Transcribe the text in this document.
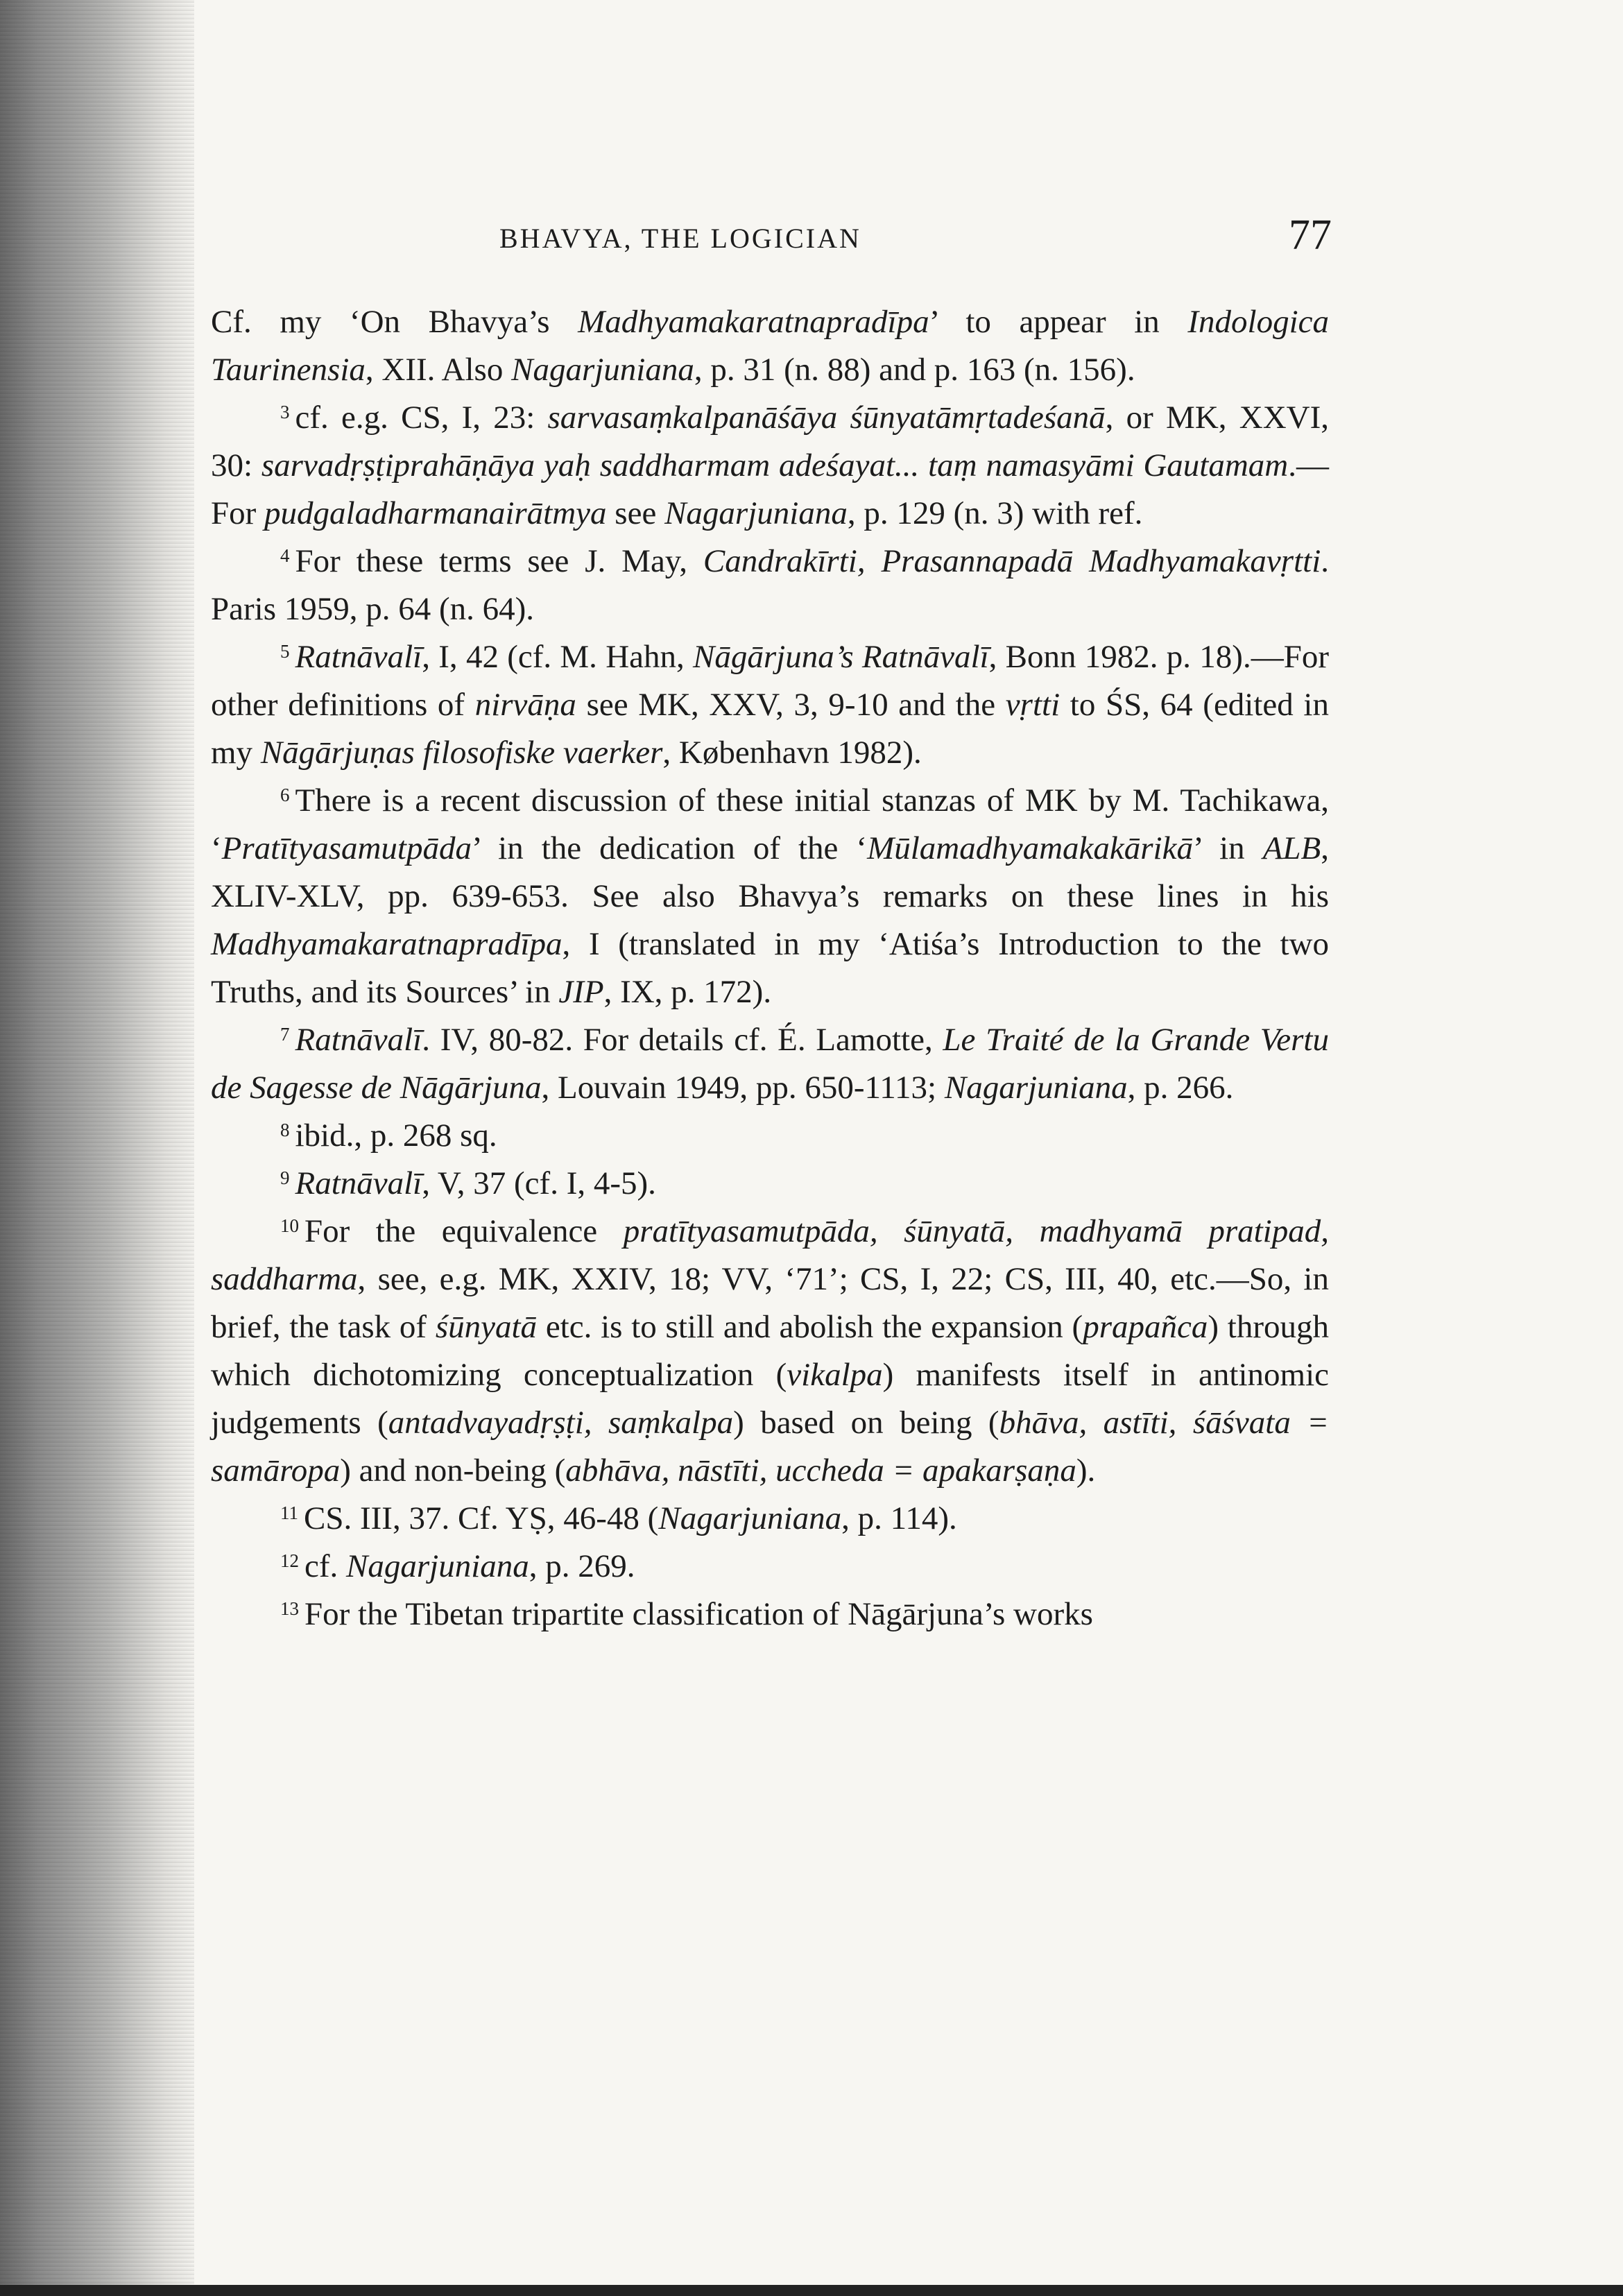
BHAVYA, THE LOGICIAN	77

Cf. my ‘On Bhavya’s Madhyamakaratnapradīpa’ to appear in Indologica Taurinensia, XII. Also Nagarjuniana, p. 31 (n. 88) and p. 163 (n. 156).

$^3$ cf. e.g. CS, I, 23: sarvasaṃkalpanāśāya śūnyatāmṛtadeśanā, or MK, XXVI, 30: sarvadṛṣṭiprahāṇāya yaḥ saddharmam adeśayat... taṃ namasyāmi Gautamam.—For pudgaladharmanairātmya see Nagarjuniana, p. 129 (n. 3) with ref.

$^4$ For these terms see J. May, Candrakīrti, Prasannapadā Madhyamakavṛtti. Paris 1959, p. 64 (n. 64).

$^5$ Ratnāvalī, I, 42 (cf. M. Hahn, Nāgārjuna’s Ratnāvalī, Bonn 1982. p. 18).—For other definitions of nirvāṇa see MK, XXV, 3, 9-10 and the vṛtti to ŚS, 64 (edited in my Nāgārjuṇas filosofiske vaerker, København 1982).

$^6$ There is a recent discussion of these initial stanzas of MK by M. Tachikawa, ‘Pratītyasamutpāda’ in the dedication of the ‘Mūlamadhyamakakārikā’ in ALB, XLIV-XLV, pp. 639-653. See also Bhavya’s remarks on these lines in his Madhyamakaratnapradīpa, I (translated in my ‘Atiśa’s Introduction to the two Truths, and its Sources’ in JIP, IX, p. 172).

$^7$ Ratnāvalī. IV, 80-82. For details cf. É. Lamotte, Le Traité de la Grande Vertu de Sagesse de Nāgārjuna, Louvain 1949, pp. 650-1113; Nagarjuniana, p. 266.

$^8$ ibid., p. 268 sq.

$^9$ Ratnāvalī, V, 37 (cf. I, 4-5).

$^{10}$ For the equivalence pratītyasamutpāda, śūnyatā, madhyamā pratipad, saddharma, see, e.g. MK, XXIV, 18; VV, ‘71’; CS, I, 22; CS, III, 40, etc.—So, in brief, the task of śūnyatā etc. is to still and abolish the expansion (prapañca) through which dichotomizing conceptualization (vikalpa) manifests itself in antinomic judgements (antadvayadṛṣṭi, saṃkalpa) based on being (bhāva, astīti, śāśvata = samāropa) and non-being (abhāva, nāstīti, uccheda = apakarṣaṇa).

$^{11}$ CS. III, 37. Cf. YṢ, 46-48 (Nagarjuniana, p. 114).

$^{12}$ cf. Nagarjuniana, p. 269.

$^{13}$ For the Tibetan tripartite classification of Nāgārjuna’s works
